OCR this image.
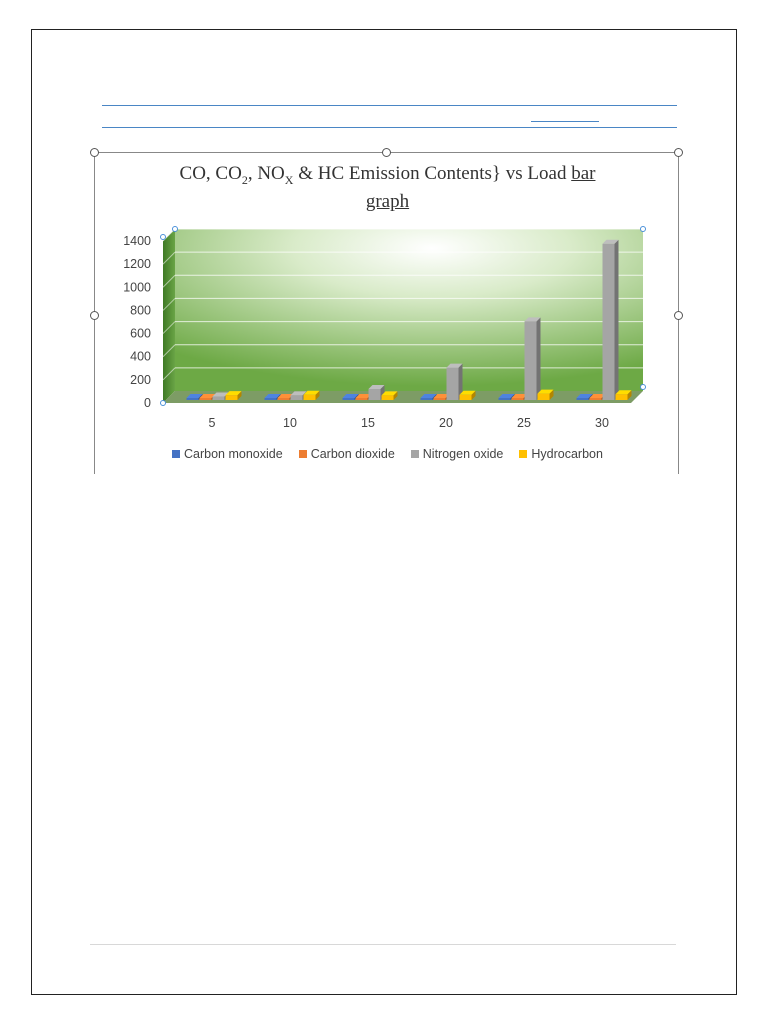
CO, $CO_2$, $NO_X$ & HC Emission Contents} vs Load bar
graph
0
200
400
600
800
1000
1200
1400
5	10	15	20	25	30
Carbon monoxide Carbon dioxide Nitrogen oxide Hydrocarbon
